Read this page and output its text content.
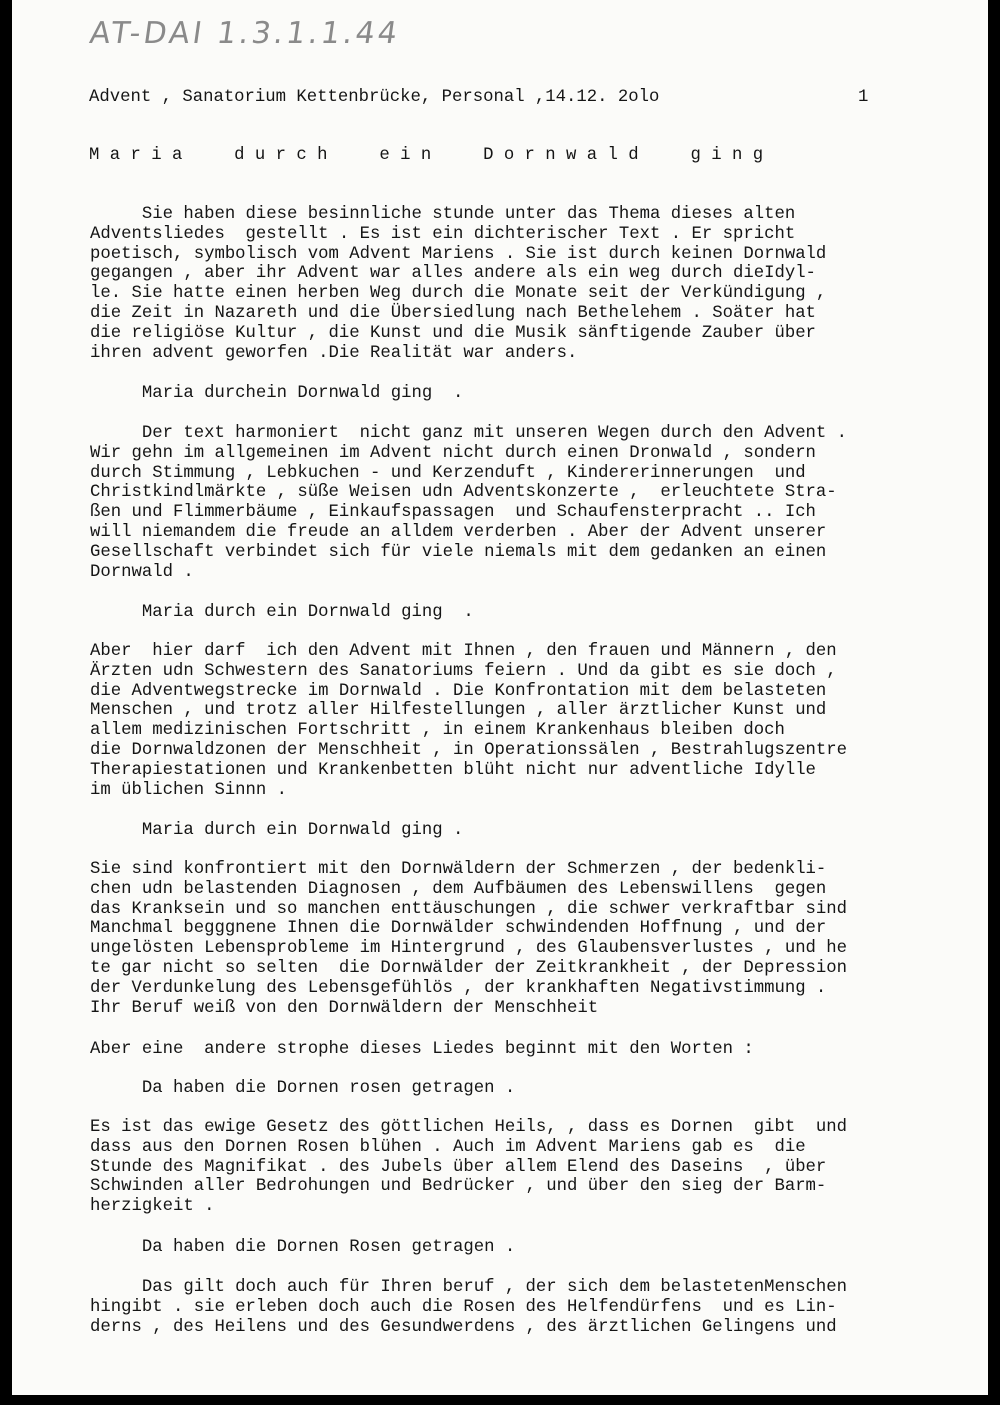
AT-DAI 1.3.1.1.44
Advent , Sanatorium Kettenbrücke, Personal ,14.12. 2olo	1
M a r i a     d u r c h     e i n     D o r n w a l d     g i n g
Sie haben diese besinnliche stunde unter das Thema dieses alten
Adventsliedes  gestellt . Es ist ein dichterischer Text . Er spricht
poetisch, symbolisch vom Advent Mariens . Sie ist durch keinen Dornwald
gegangen , aber ihr Advent war alles andere als ein weg durch dieIdyl-
le. Sie hatte einen herben Weg durch die Monate seit der Verkündigung ,
die Zeit in Nazareth und die Übersiedlung nach Bethelehem . Soäter hat
die religiöse Kultur , die Kunst und die Musik sänftigende Zauber über
ihren advent geworfen .Die Realität war anders.
Maria durchein Dornwald ging  .
Der text harmoniert  nicht ganz mit unseren Wegen durch den Advent .
Wir gehn im allgemeinen im Advent nicht durch einen Dronwald , sondern
durch Stimmung , Lebkuchen - und Kerzenduft , Kindererinnerungen  und
Christkindlmärkte , süße Weisen udn Adventskonzerte ,  erleuchtete Stra-
ßen und Flimmerbäume , Einkaufspassagen  und Schaufensterpracht .. Ich
will niemandem die freude an alldem verderben . Aber der Advent unserer
Gesellschaft verbindet sich für viele niemals mit dem gedanken an einen
Dornwald .
Maria durch ein Dornwald ging  .
Aber  hier darf  ich den Advent mit Ihnen , den frauen und Männern , den
Ärzten udn Schwestern des Sanatoriums feiern . Und da gibt es sie doch ,
die Adventwegstrecke im Dornwald . Die Konfrontation mit dem belasteten
Menschen , und trotz aller Hilfestellungen , aller ärztlicher Kunst und
allem medizinischen Fortschritt , in einem Krankenhaus bleiben doch
die Dornwaldzonen der Menschheit , in Operationssälen , Bestrahlugszentre
Therapiestationen und Krankenbetten blüht nicht nur adventliche Idylle
im üblichen Sinnn .
Maria durch ein Dornwald ging .
Sie sind konfrontiert mit den Dornwäldern der Schmerzen , der bedenkli-
chen udn belastenden Diagnosen , dem Aufbäumen des Lebenswillens  gegen
das Kranksein und so manchen enttäuschungen , die schwer verkraftbar sind
Manchmal begggnene Ihnen die Dornwälder schwindenden Hoffnung , und der
ungelösten Lebensprobleme im Hintergrund , des Glaubensverlustes , und he
te gar nicht so selten  die Dornwälder der Zeitkrankheit , der Depression
der Verdunkelung des Lebensgefühlös , der krankhaften Negativstimmung .
Ihr Beruf weiß von den Dornwäldern der Menschheit
Aber eine  andere strophe dieses Liedes beginnt mit den Worten :
Da haben die Dornen rosen getragen .
Es ist das ewige Gesetz des göttlichen Heils, , dass es Dornen  gibt  und
dass aus den Dornen Rosen blühen . Auch im Advent Mariens gab es  die
Stunde des Magnifikat . des Jubels über allem Elend des Daseins  , über
Schwinden aller Bedrohungen und Bedrücker , und über den sieg der Barm-
herzigkeit .
Da haben die Dornen Rosen getragen .
Das gilt doch auch für Ihren beruf , der sich dem belastetenMenschen
hingibt . sie erleben doch auch die Rosen des Helfendürfens  und es Lin-
derns , des Heilens und des Gesundwerdens , des ärztlichen Gelingens und
